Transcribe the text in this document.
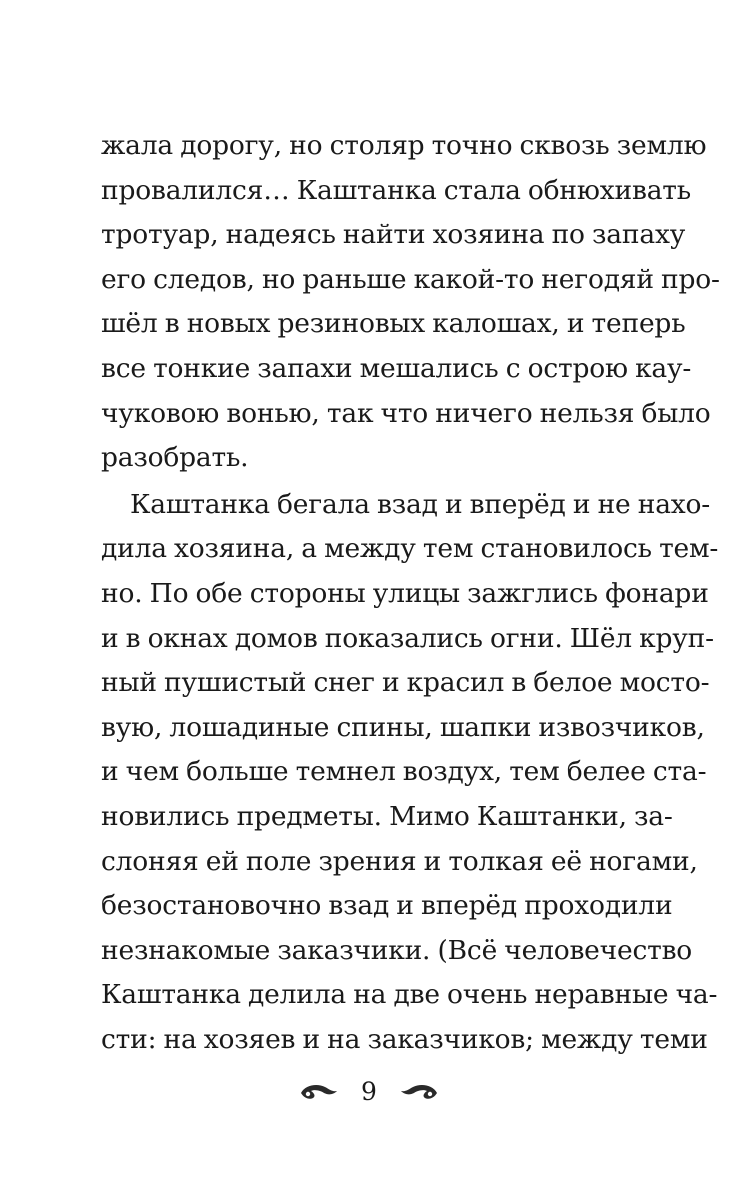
жала дорогу, но столяр точно сквозь землю
провалился… Каштанка стала обнюхивать
тротуар, надеясь найти хозяина по запаху
его следов, но раньше какой-то негодяй про-
шёл в новых резиновых калошах, и теперь
все тонкие запахи мешались с острою кау-
чуковою вонью, так что ничего нельзя было
разобрать.
Каштанка бегала взад и вперёд и не нахо-
дила хозяина, а между тем становилось тем-
но. По обе стороны улицы зажглись фонари
и в окнах домов показались огни. Шёл круп-
ный пушистый снег и красил в белое мосто-
вую, лошадиные спины, шапки извозчиков,
и чем больше темнел воздух, тем белее ста-
новились предметы. Мимо Каштанки, за-
слоняя ей поле зрения и толкая её ногами,
безостановочно взад и вперёд проходили
незнакомые заказчики. (Всё человечество
Каштанка делила на две очень неравные ча-
сти: на хозяев и на заказчиков; между теми
9
